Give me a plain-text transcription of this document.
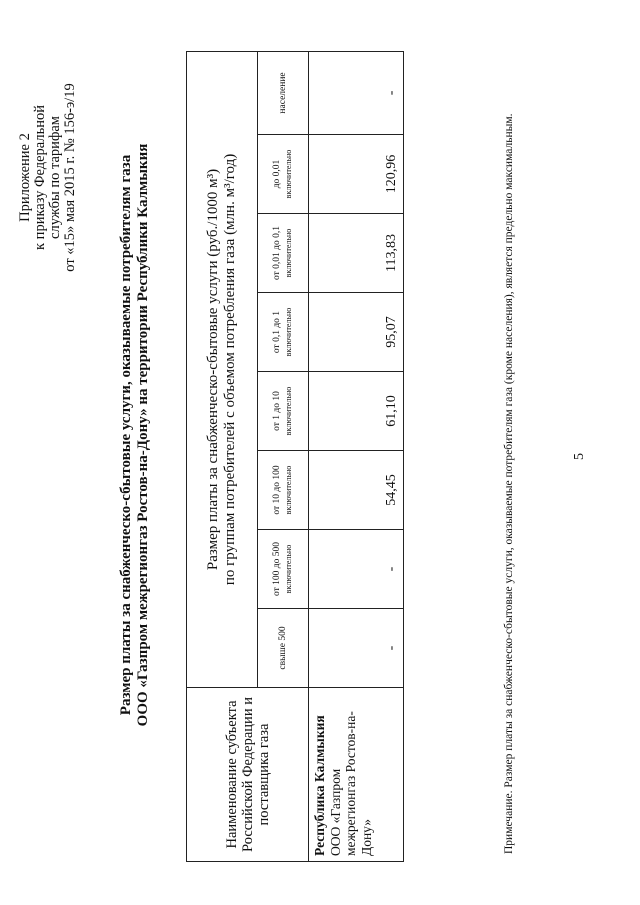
Приложение 2 к приказу Федеральной службы по тарифам от «15» мая 2015 г. № 156-э/19	Размер платы за снабженческо-сбытовые услуги, оказываемые потребителям газа ООО «Газпром межрегионгаз Ростов-на-Дону» на территории Республики Калмыкия
Наименование субъекта Российской Федерации и поставщика газа	Размер платы за снабженческо-сбытовые услуги (руб./1000 м³) по группам потребителей с объемом потребления газа (млн. м³/год)							

	свыше 500	от 100 до 500 включительно	от 10 до 100 включительно	от 1 до 10 включительно	от 0,1 до 1 включительно	от 0,01 до 0,1 включительно	до 0,01 включительно	население

Республика Калмыкия ООО «Газпром межрегионгаз Ростов-на-Дону»	-	-	54,45	61,10	95,07	113,83	120,96	-
Примечание. Размер платы за снабженческо-сбытовые услуги, оказываемые потребителям газа (кроме населения), является предельно максимальным.	5
